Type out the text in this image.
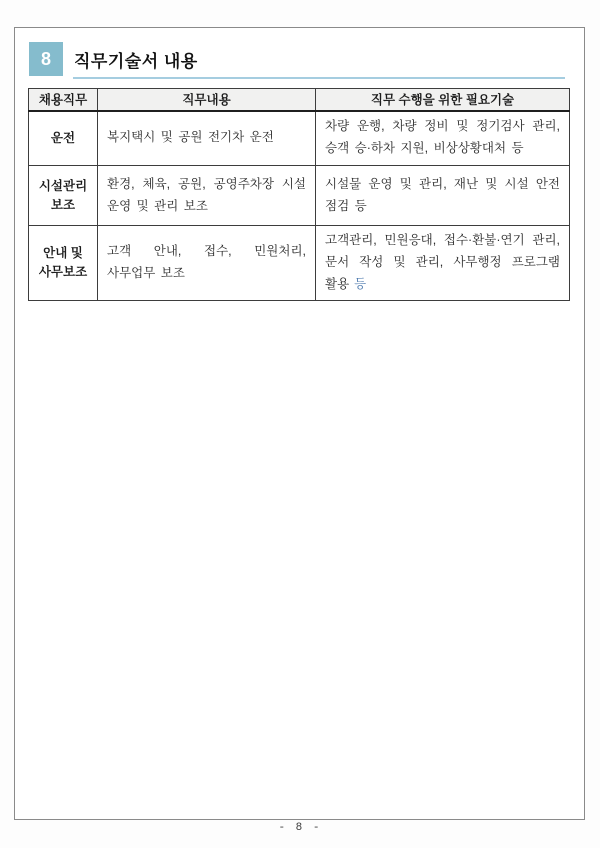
8 직무기술서 내용
채용직무	직무내용	직무 수행을 위한 필요기술
운전	복지택시 및 공원 전기차 운전	차량 운행, 차량 정비 및 정기검사 관리, 승객 승·하차 지원, 비상상황대처 등
시설관리 보조	환경, 체육, 공원, 공영주차장 시설 운영 및 관리 보조	시설물 운영 및 관리, 재난 및 시설 안전 점검 등
안내 및 사무보조	고객 안내, 접수, 민원처리, 사무업무 보조	고객관리, 민원응대, 접수·환불·연기 관리, 문서 작성 및 관리, 사무행정 프로그램 활용 등
- 8 -
